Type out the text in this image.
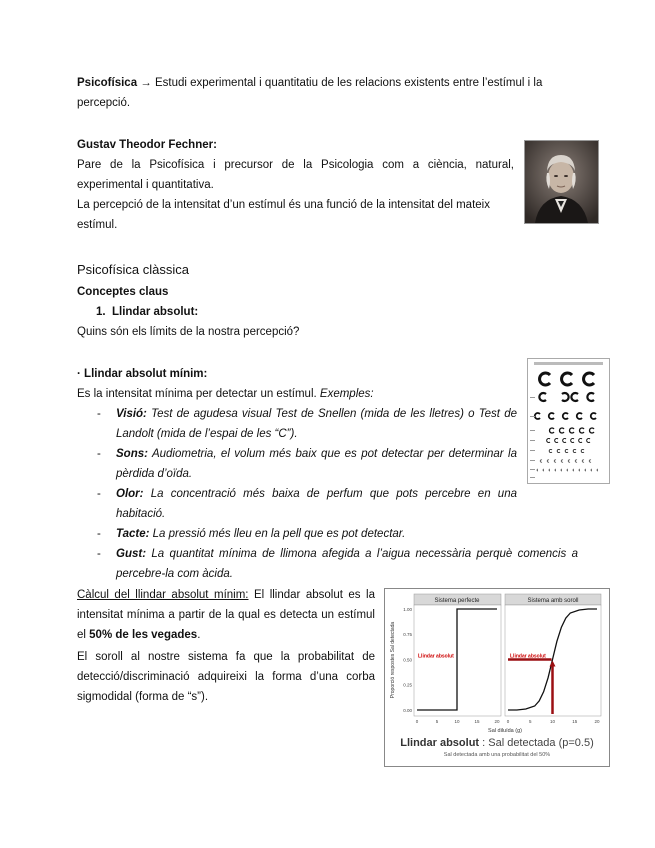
Psicofísica → Estudi experimental i quantitatiu de les relacions existents entre l’estímul i la

percepció.

Gustav Theodor Fechner:

Pare de la Psicofísica i precursor de la Psicologia com a ciència, natural,

experimental i quantitativa.

La percepció de la intensitat d’un estímul és una funció de la intensitat del mateix

estímul.

Psicofísica clàssica

Conceptes claus

1. Llindar absolut:

Quins són els límits de la nostra percepció?

· Llindar absolut mínim:

Es la intensitat mínima per detectar un estímul. Exemples:

- Visió: Test de agudesa visual Test de Snellen (mida de les lletres) o Test de

Landolt (mida de l’espai de les “C”).

- Sons: Audiometria, el volum més baix que es pot detectar per determinar la

pèrdida d’oïda.

- Olor: La concentració més baixa de perfum que pots percebre en una

habitació.

- Tacte: La pressió més lleu en la pell que es pot detectar.

- Gust: La quantitat mínima de llimona afegida a l’aigua necessària perquè comencis a

percebre-la com àcida.

Càlcul del llindar absolut mínim: El llindar absolut es la

intensitat mínima a partir de la qual es detecta un estímul

el 50% de les vegades.

El soroll al nostre sistema fa que la probabilitat de

detecció/discriminació adquireixi la forma d’una corba

sigmodidal (forma de “s”).

Sistema perfecte	Sistema amb soroll
0	5	10	15	20 0	5	10	15	20
0.00
0.25
0.50
0.75
1.00
Llindar absolut	Llindar absolut
Proporció respostes Sal detectada
Sal diluïda (g)
Llindar absolut : Sal detectada (p=0.5)
Sal detectada amb una probabilitat del 50%
